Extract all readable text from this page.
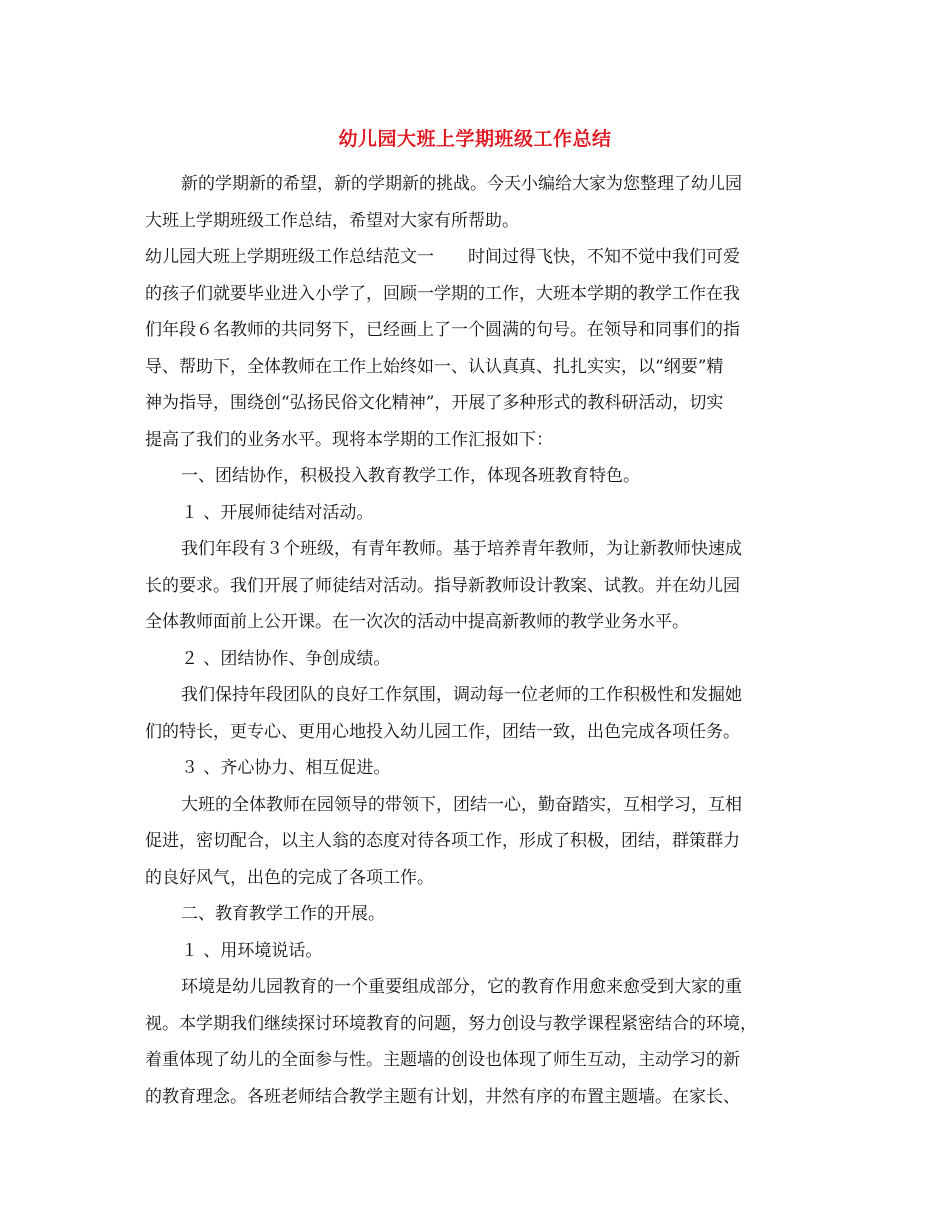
幼儿园大班上学期班级工作总结
新的学期新的希望，新的学期新的挑战。今天小编给大家为您整理了幼儿园
大班上学期班级工作总结，希望对大家有所帮助。
幼儿园大班上学期班级工作总结范文一　　时间过得飞快，不知不觉中我们可爱
的孩子们就要毕业进入小学了，回顾一学期的工作，大班本学期的教学工作在我
们年段６名教师的共同努下，已经画上了一个圆满的句号。在领导和同事们的指
导、帮助下，全体教师在工作上始终如一、认认真真、扎扎实实，以“纲要”精
神为指导，围绕创“弘扬民俗文化精神”，开展了多种形式的教科研活动，切实
提高了我们的业务水平。现将本学期的工作汇报如下：
一、团结协作，积极投入教育教学工作，体现各班教育特色。
１ 、开展师徒结对活动。
我们年段有３个班级，有青年教师。基于培养青年教师，为让新教师快速成
长的要求。我们开展了师徒结对活动。指导新教师设计教案、试教。并在幼儿园
全体教师面前上公开课。在一次次的活动中提高新教师的教学业务水平。
２ 、团结协作、争创成绩。
我们保持年段团队的良好工作氛围，调动每一位老师的工作积极性和发掘她
们的特长，更专心、更用心地投入幼儿园工作，团结一致，出色完成各项任务。
３ 、齐心协力、相互促进。
大班的全体教师在园领导的带领下，团结一心，勤奋踏实，互相学习，互相
促进，密切配合，以主人翁的态度对待各项工作，形成了积极，团结，群策群力
的良好风气，出色的完成了各项工作。
二、教育教学工作的开展。
１ 、用环境说话。
环境是幼儿园教育的一个重要组成部分，它的教育作用愈来愈受到大家的重
视。本学期我们继续探讨环境教育的问题，努力创设与教学课程紧密结合的环境，
着重体现了幼儿的全面参与性。主题墙的创设也体现了师生互动，主动学习的新
的教育理念。各班老师结合教学主题有计划，井然有序的布置主题墙。在家长、
